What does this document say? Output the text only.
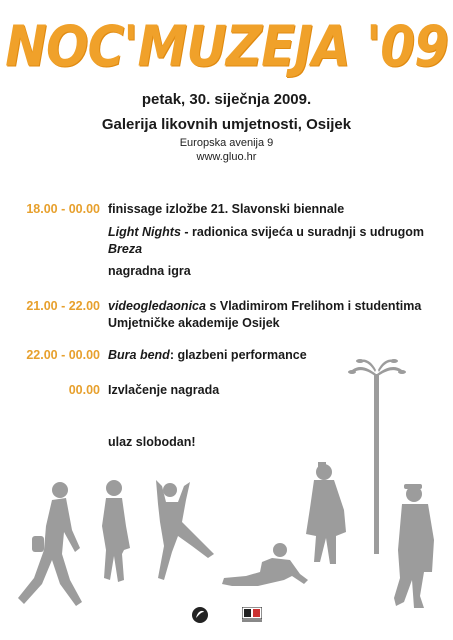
NOC'MUZEJA '09
petak, 30. siječnja 2009.
Galerija likovnih umjetnosti, Osijek
Europska avenija 9
www.gluo.hr
18.00 - 00.00 finissage izložbe 21. Slavonski biennale
Light Nights - radionica svijeća u suradnji s udrugom
Breza
nagradna igra
21.00 - 22.00 videogledaonica s Vladimirom Frelihom i studentima Umjetničke akademije Osijek
22.00 - 00.00 Bura bend: glazbeni performance
00.00 Izvlačenje nagrada
ulaz slobodan!
